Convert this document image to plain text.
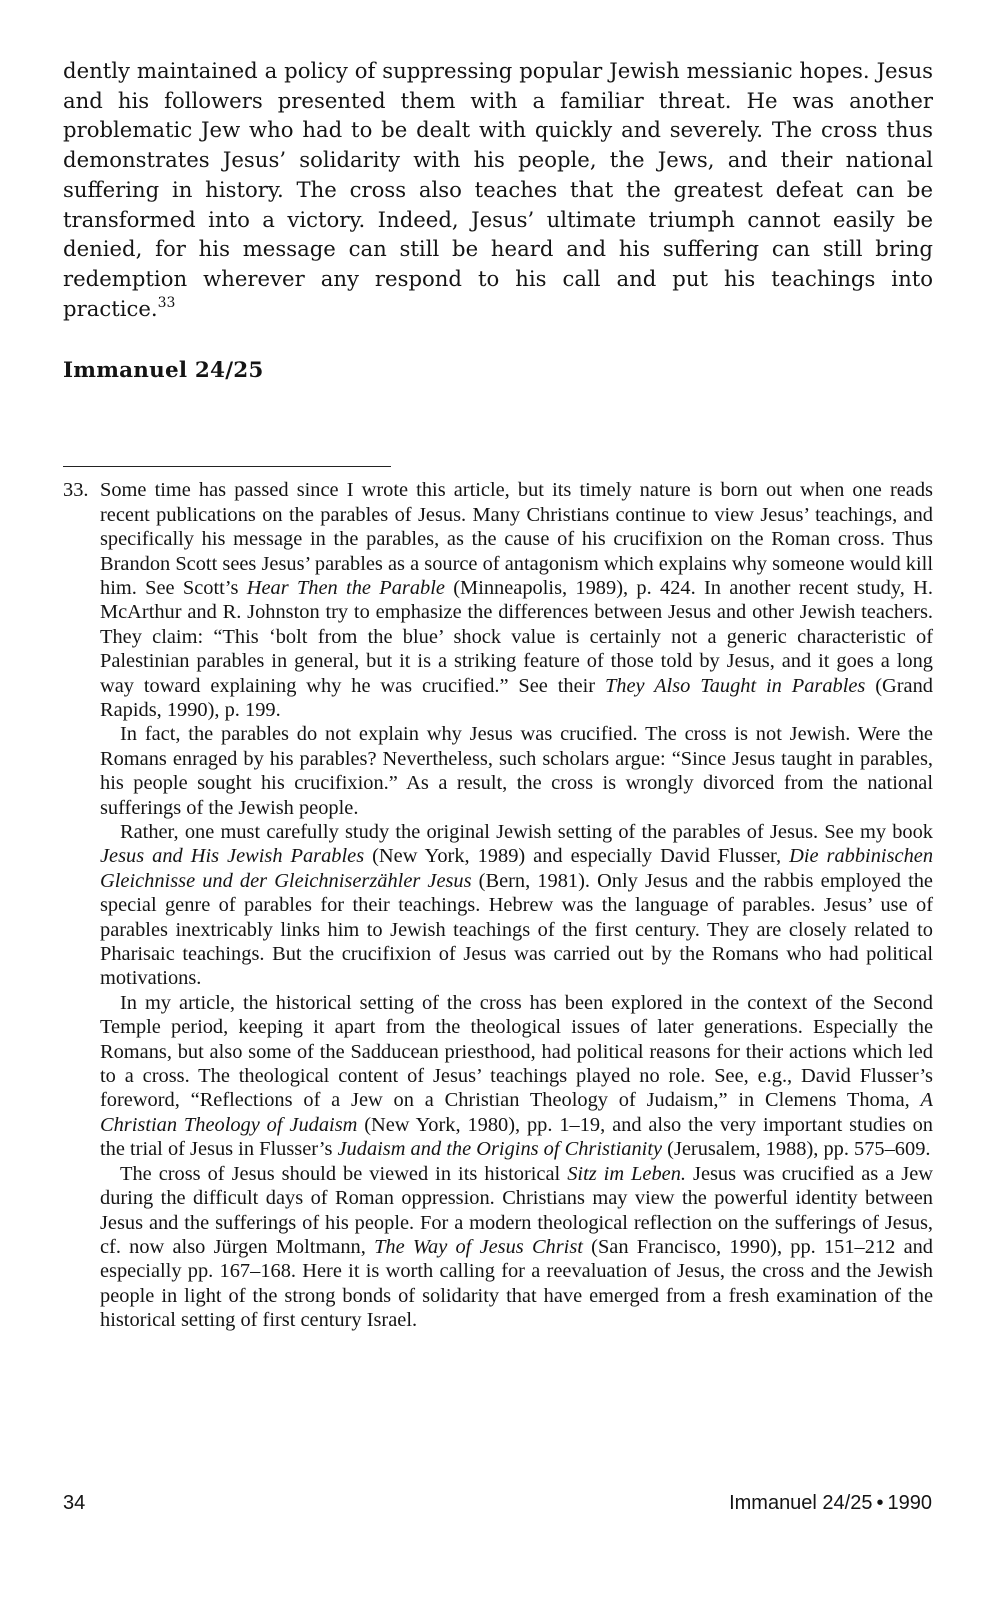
dently maintained a policy of suppressing popular Jewish messianic hopes. Jesus and his followers presented them with a familiar threat. He was another problematic Jew who had to be dealt with quickly and severely. The cross thus demonstrates Jesus’ solidarity with his people, the Jews, and their national suffering in history. The cross also teaches that the greatest defeat can be transformed into a victory. Indeed, Jesus’ ultimate triumph cannot easily be denied, for his message can still be heard and his suffering can still bring redemption wherever any respond to his call and put his teachings into practice.$^{33}$

Immanuel 24/25

33. Some time has passed since I wrote this article, but its timely nature is born out when one reads recent publications on the parables of Jesus. Many Christians continue to view Jesus’ teachings, and specifically his message in the parables, as the cause of his crucifixion on the Roman cross. Thus Brandon Scott sees Jesus’ parables as a source of antagonism which explains why someone would kill him. See Scott’s Hear Then the Parable (Minneapolis, 1989), p. 424. In another recent study, H. McArthur and R. Johnston try to emphasize the differences between Jesus and other Jewish teachers. They claim: “This ‘bolt from the blue’ shock value is certainly not a generic characteristic of Palestinian parables in general, but it is a striking feature of those told by Jesus, and it goes a long way toward explaining why he was crucified.” See their They Also Taught in Parables (Grand Rapids, 1990), p. 199.

In fact, the parables do not explain why Jesus was crucified. The cross is not Jewish. Were the Romans enraged by his parables? Nevertheless, such scholars argue: “Since Jesus taught in parables, his people sought his crucifixion.” As a result, the cross is wrongly divorced from the national sufferings of the Jewish people.

Rather, one must carefully study the original Jewish setting of the parables of Jesus. See my book Jesus and His Jewish Parables (New York, 1989) and especially David Flusser, Die rabbinischen Gleichnisse und der Gleichniserzähler Jesus (Bern, 1981). Only Jesus and the rabbis employed the special genre of parables for their teachings. Hebrew was the language of parables. Jesus’ use of parables inextricably links him to Jewish teachings of the first century. They are closely related to Pharisaic teachings. But the crucifixion of Jesus was carried out by the Romans who had political motivations.

In my article, the historical setting of the cross has been explored in the context of the Second Temple period, keeping it apart from the theological issues of later generations. Especially the Romans, but also some of the Sadducean priesthood, had political reasons for their actions which led to a cross. The theological content of Jesus’ teachings played no role. See, e.g., David Flusser’s foreword, “Reflections of a Jew on a Christian Theology of Judaism,” in Clemens Thoma, A Christian Theology of Judaism (New York, 1980), pp. 1–19, and also the very important studies on the trial of Jesus in Flusser’s Judaism and the Origins of Christianity (Jerusalem, 1988), pp. 575–609.

The cross of Jesus should be viewed in its historical Sitz im Leben. Jesus was crucified as a Jew during the difficult days of Roman oppression. Christians may view the powerful identity between Jesus and the sufferings of his people. For a modern theological reflection on the sufferings of Jesus, cf. now also Jürgen Moltmann, The Way of Jesus Christ (San Francisco, 1990), pp. 151–212 and especially pp. 167–168. Here it is worth calling for a reevaluation of Jesus, the cross and the Jewish people in light of the strong bonds of solidarity that have emerged from a fresh examination of the historical setting of first century Israel.

34	Immanuel 24/25 • 1990
